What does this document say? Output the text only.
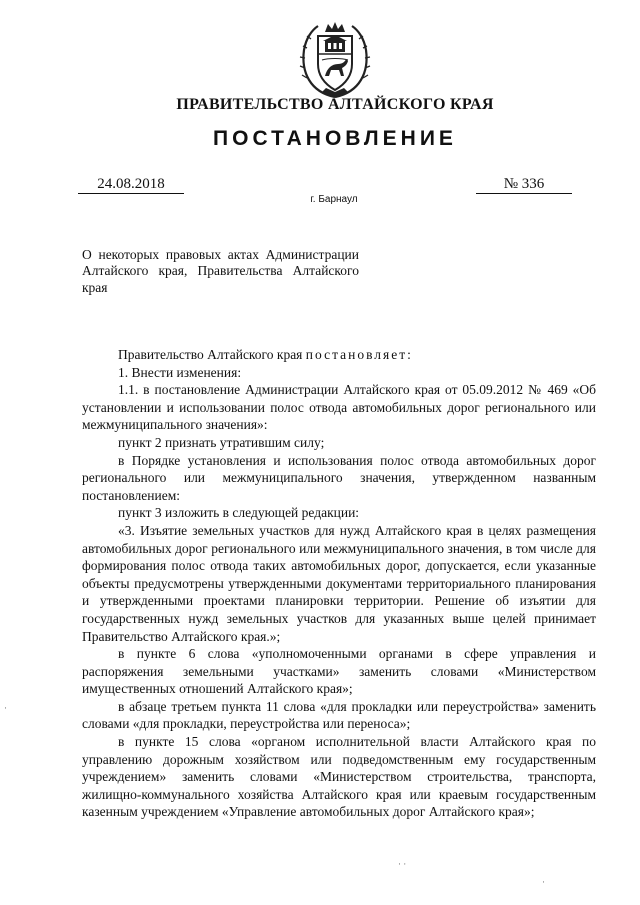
ПРАВИТЕЛЬСТВО АЛТАЙСКОГО КРАЯ
ПОСТАНОВЛЕНИЕ
24.08.2018	№ 336
г. Барнаул
О некоторых правовых актах Администрации Алтайского края, Правительства Алтайского края

Правительство Алтайского края постановляет:

1. Внести изменения:

1.1. в постановление Администрации Алтайского края от 05.09.2012 № 469 «Об установлении и использовании полос отвода автомобильных дорог регионального или межмуниципального значения»:

пункт 2 признать утратившим силу;

в Порядке установления и использования полос отвода автомобильных дорог регионального или межмуниципального значения, утвержденном названным постановлением:

пункт 3 изложить в следующей редакции:

«3. Изъятие земельных участков для нужд Алтайского края в целях размещения автомобильных дорог регионального или межмуниципального значения, в том числе для формирования полос отвода таких автомобильных дорог, допускается, если указанные объекты предусмотрены утвержденными документами территориального планирования и утвержденными проектами планировки территории. Решение об изъятии для государственных нужд земельных участков для указанных выше целей принимает Правительство Алтайского края.»;

в пункте 6 слова «уполномоченными органами в сфере управления и распоряжения земельными участками» заменить словами «Министерством имущественных отношений Алтайского края»;

в абзаце третьем пункта 11 слова «для прокладки или переустройства» заменить словами «для прокладки, переустройства или переноса»;

в пункте 15 слова «органом исполнительной власти Алтайского края по управлению дорожным хозяйством или подведомственным ему государственным учреждением» заменить словами «Министерством строительства, транспорта, жилищно-коммунального хозяйства Алтайского края или краевым государственным казенным учреждением «Управление автомобильных дорог Алтайского края»;

·
· ·
·
